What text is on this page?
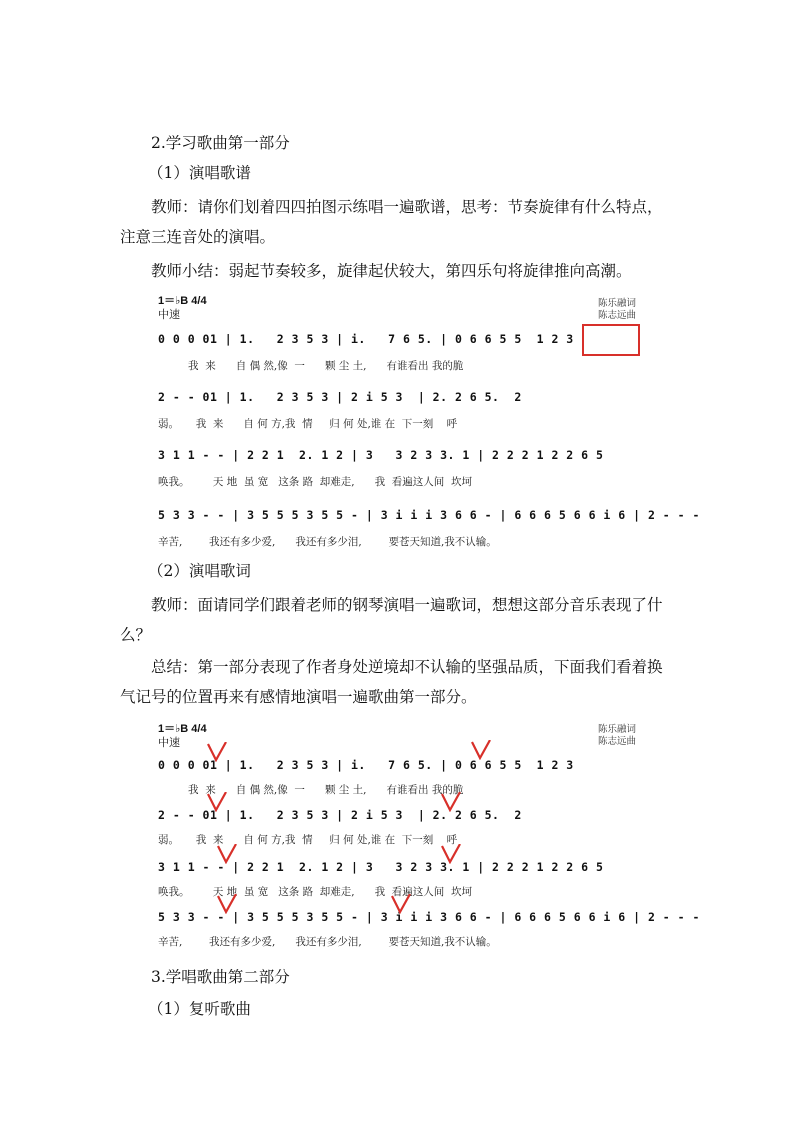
2.学习歌曲第一部分
（1）演唱歌谱
教师：请你们划着四四拍图示练唱一遍歌谱，思考：节奏旋律有什么特点，注意三连音处的演唱。
教师小结：弱起节奏较多，旋律起伏较大，第四乐句将旋律推向高潮。
1＝♭B 4/4
中速
陈乐融词
陈志远曲
0 0 0 01 | 1.   2 3 5 3 | i.   7 6 5. | 0 6 6 5 5  1 2 3
我  来      自 偶 然,像  一      颗 尘 土,      有谁看出 我的脆
2 - - 01 | 1.   2 3 5 3 | 2 i 5 3  | 2. 2 6 5.  2
弱。     我  来      自 何 方,我  情     归 何 处,谁 在  下一刻    呼
3 1 1 - - | 2 2 1  2. 1 2 | 3   3 2 3 3. 1 | 2 2 2 1 2 2 6 5
唤我。       天 地  虽 宽   这条 路  却难走,      我  看遍这人间  坎坷
5 3 3 - - | 3 5 5 5 3 5 5 - | 3 i i i 3 6 6 - | 6 6 6 5 6 6 i 6 | 2 - - -
辛苦,        我还有多少爱,      我还有多少泪,        要苍天知道,我不认输。
（2）演唱歌词
教师：面请同学们跟着老师的钢琴演唱一遍歌词，想想这部分音乐表现了什么？
总结：第一部分表现了作者身处逆境却不认输的坚强品质，下面我们看着换气记号的位置再来有感情地演唱一遍歌曲第一部分。
1＝♭B 4/4
中速
陈乐融词
陈志远曲
0 0 0 01 | 1.   2 3 5 3 | i.   7 6 5. | 0 6 6 5 5  1 2 3
我  来      自 偶 然,像  一      颗 尘 土,      有谁看出 我的脆
2 - - 01 | 1.   2 3 5 3 | 2 i 5 3  | 2. 2 6 5.  2
弱。     我  来      自 何 方,我  情     归 何 处,谁 在  下一刻    呼
3 1 1 - - | 2 2 1  2. 1 2 | 3   3 2 3 3. 1 | 2 2 2 1 2 2 6 5
唤我。       天 地  虽 宽   这条 路  却难走,      我  看遍这人间  坎坷
5 3 3 - - | 3 5 5 5 3 5 5 - | 3 i i i 3 6 6 - | 6 6 6 5 6 6 i 6 | 2 - - -
辛苦,        我还有多少爱,      我还有多少泪,        要苍天知道,我不认输。
3.学唱歌曲第二部分
（1）复听歌曲
